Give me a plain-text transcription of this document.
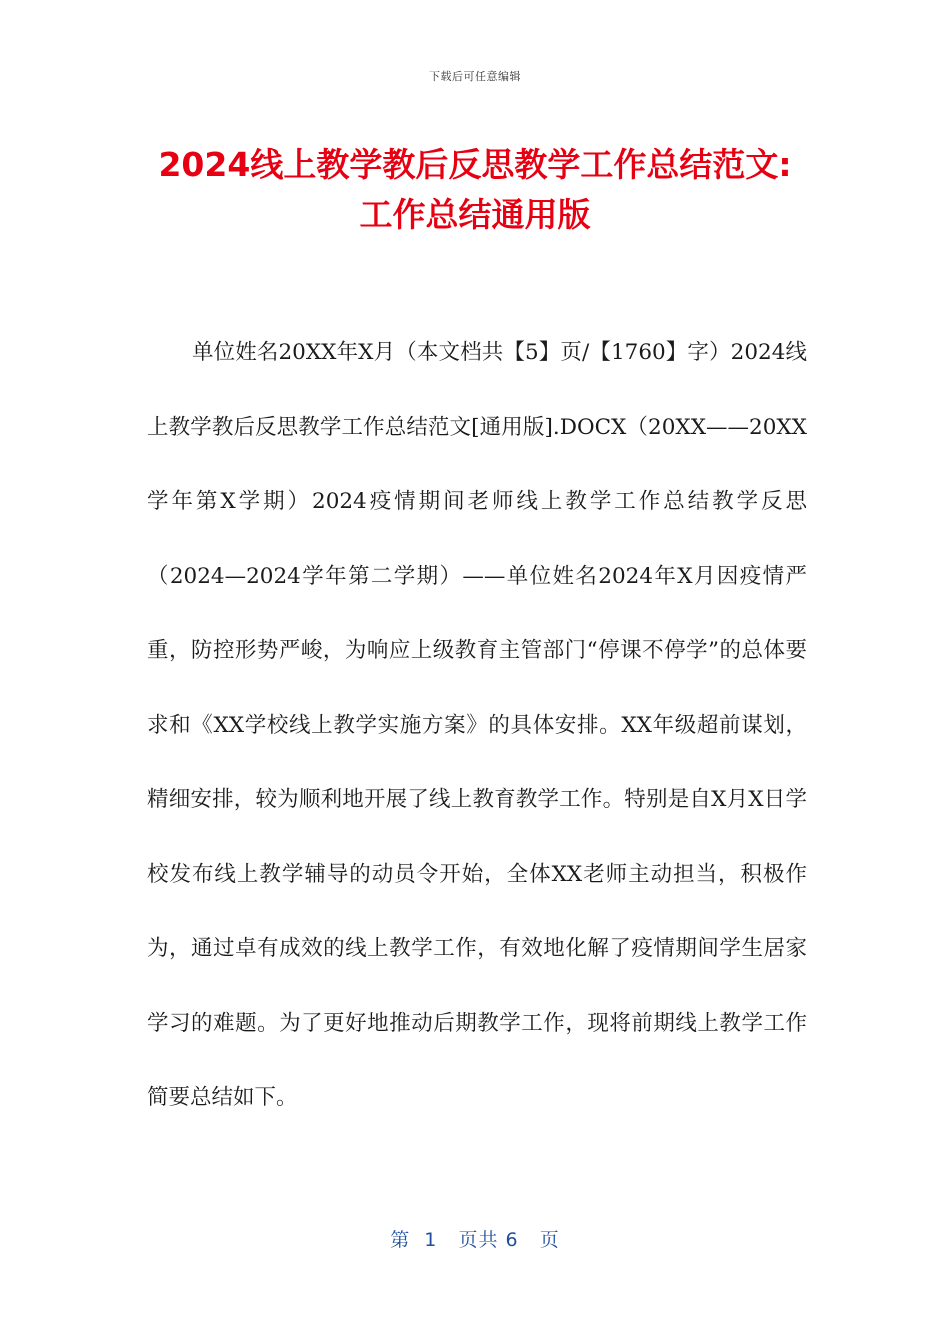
下载后可任意编辑
2024线上教学教后反思教学工作总结范文:
工作总结通用版

单位姓名20XX年X月（本文档共【5】页/【1760】字）2024线上教学教后反思教学工作总结范文[通用版].DOCX（20XX——20XX学年第X学期）2024疫情期间老师线上教学工作总结教学反思（2024—2024学年第二学期）——单位姓名2024年X月因疫情严重，防控形势严峻，为响应上级教育主管部门“停课不停学”的总体要求和《XX学校线上教学实施方案》的具体安排。XX年级超前谋划，精细安排，较为顺利地开展了线上教育教学工作。特别是自X月X日学校发布线上教学辅导的动员令开始，全体XX老师主动担当，积极作为，通过卓有成效的线上教学工作，有效地化解了疫情期间学生居家学习的难题。为了更好地推动后期教学工作，现将前期线上教学工作简要总结如下。

第  1   页共 6   页
